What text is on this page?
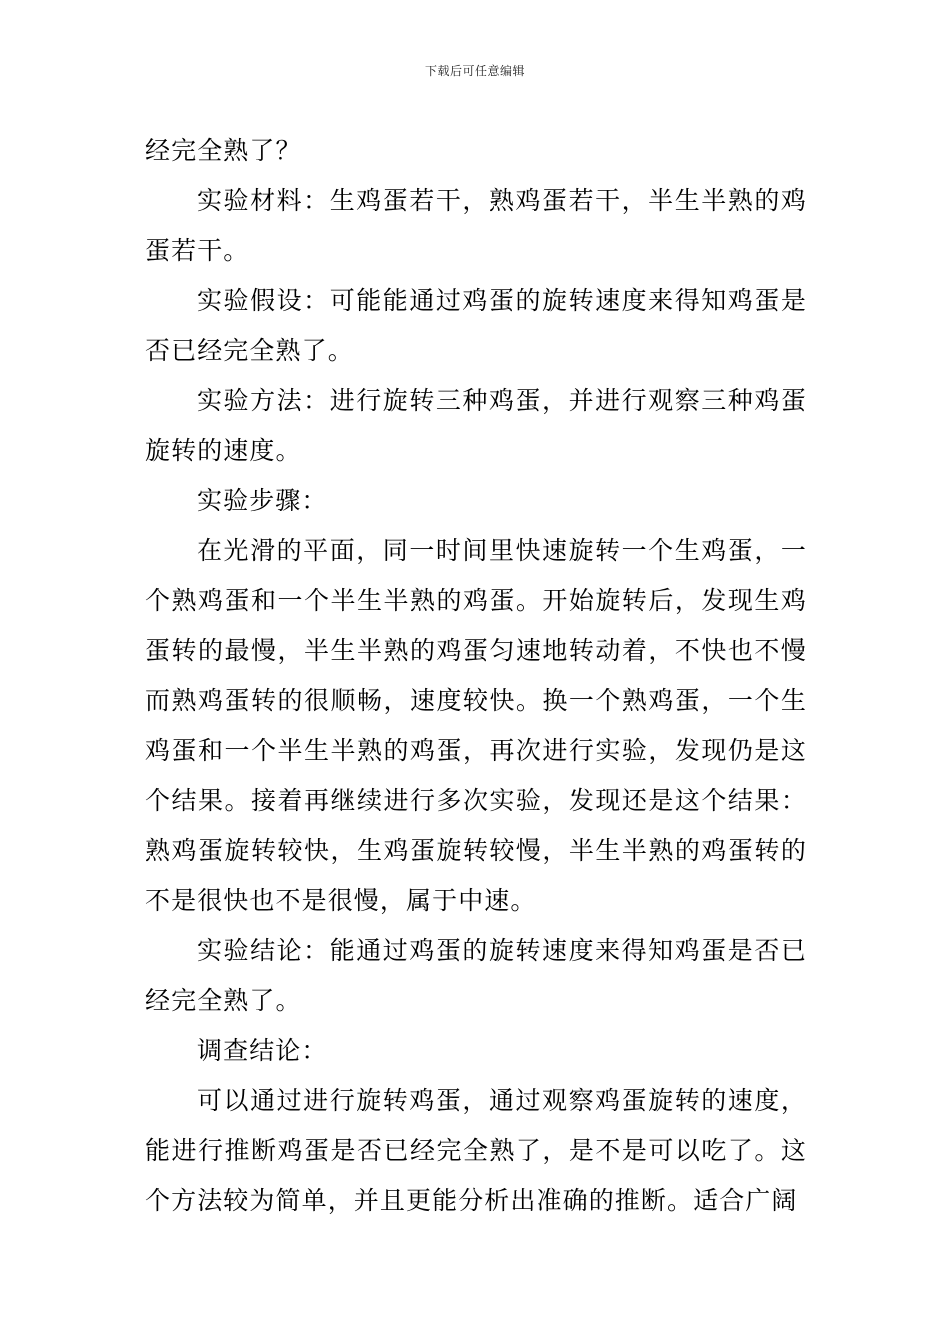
下载后可任意编辑

经完全熟了？

实验材料：生鸡蛋若干，熟鸡蛋若干，半生半熟的鸡蛋若干。

实验假设：可能能通过鸡蛋的旋转速度来得知鸡蛋是否已经完全熟了。

实验方法：进行旋转三种鸡蛋，并进行观察三种鸡蛋旋转的速度。

实验步骤：

在光滑的平面，同一时间里快速旋转一个生鸡蛋，一个熟鸡蛋和一个半生半熟的鸡蛋。开始旋转后，发现生鸡蛋转的最慢，半生半熟的鸡蛋匀速地转动着，不快也不慢而熟鸡蛋转的很顺畅，速度较快。换一个熟鸡蛋，一个生鸡蛋和一个半生半熟的鸡蛋，再次进行实验，发现仍是这个结果。接着再继续进行多次实验，发现还是这个结果：熟鸡蛋旋转较快，生鸡蛋旋转较慢，半生半熟的鸡蛋转的不是很快也不是很慢，属于中速。

实验结论：能通过鸡蛋的旋转速度来得知鸡蛋是否已经完全熟了。

调查结论：

可以通过进行旋转鸡蛋，通过观察鸡蛋旋转的速度，能进行推断鸡蛋是否已经完全熟了，是不是可以吃了。这个方法较为简单，并且更能分析出准确的推断。适合广阔
